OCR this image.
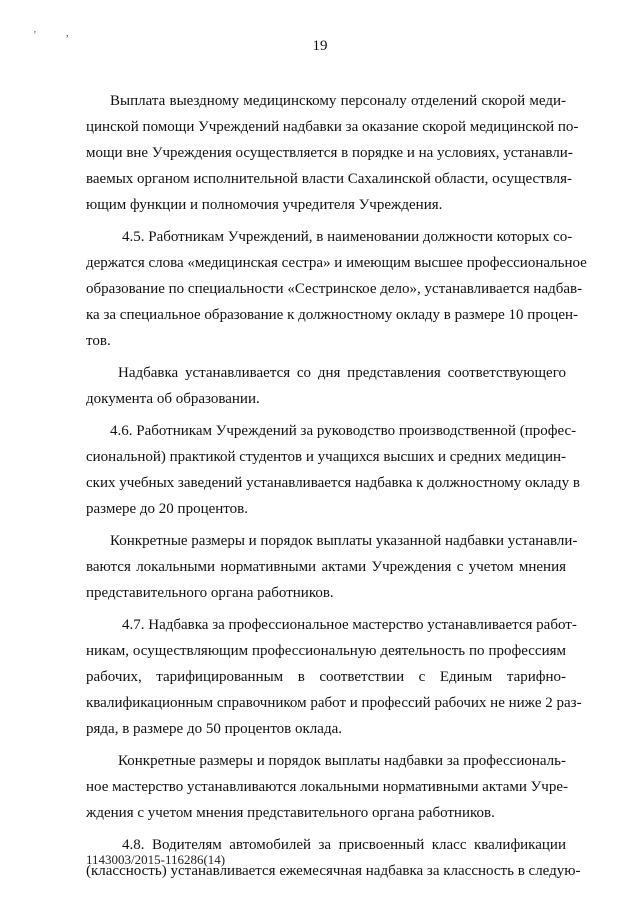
'	,
19
Выплата выездному медицинскому персоналу отделений скорой меди-
цинской помощи Учреждений надбавки за оказание скорой медицинской по-
мощи вне Учреждения осуществляется в порядке и на условиях, устанавли-
ваемых органом исполнительной власти Сахалинской области, осуществля-
ющим функции и полномочия учредителя Учреждения.
4.5. Работникам Учреждений, в наименовании должности которых со-
держатся слова «медицинская сестра» и имеющим высшее профессиональное
образование по специальности «Сестринское дело», устанавливается надбав-
ка за специальное образование к должностному окладу в размере 10 процен-
тов.
Надбавка устанавливается со дня представления соответствующего
документа об образовании.
4.6. Работникам Учреждений за руководство производственной (профес-
сиональной) практикой студентов и учащихся высших и средних медицин-
ских учебных заведений устанавливается надбавка к должностному окладу в
размере до 20 процентов.
Конкретные размеры и порядок выплаты указанной надбавки устанавли-
ваются локальными нормативными актами Учреждения с учетом мнения
представительного органа работников.
4.7. Надбавка за профессиональное мастерство устанавливается работ-
никам, осуществляющим профессиональную деятельность по профессиям
рабочих, тарифицированным в соответствии с Единым тарифно-
квалификационным справочником работ и профессий рабочих не ниже 2 раз-
ряда, в размере до 50 процентов оклада.
Конкретные размеры и порядок выплаты надбавки за профессиональ-
ное мастерство устанавливаются локальными нормативными актами Учре-
ждения с учетом мнения представительного органа работников.
4.8. Водителям автомобилей за присвоенный класс квалификации
(классность) устанавливается ежемесячная надбавка за классность в следую-
1143003/2015-116286(14)
